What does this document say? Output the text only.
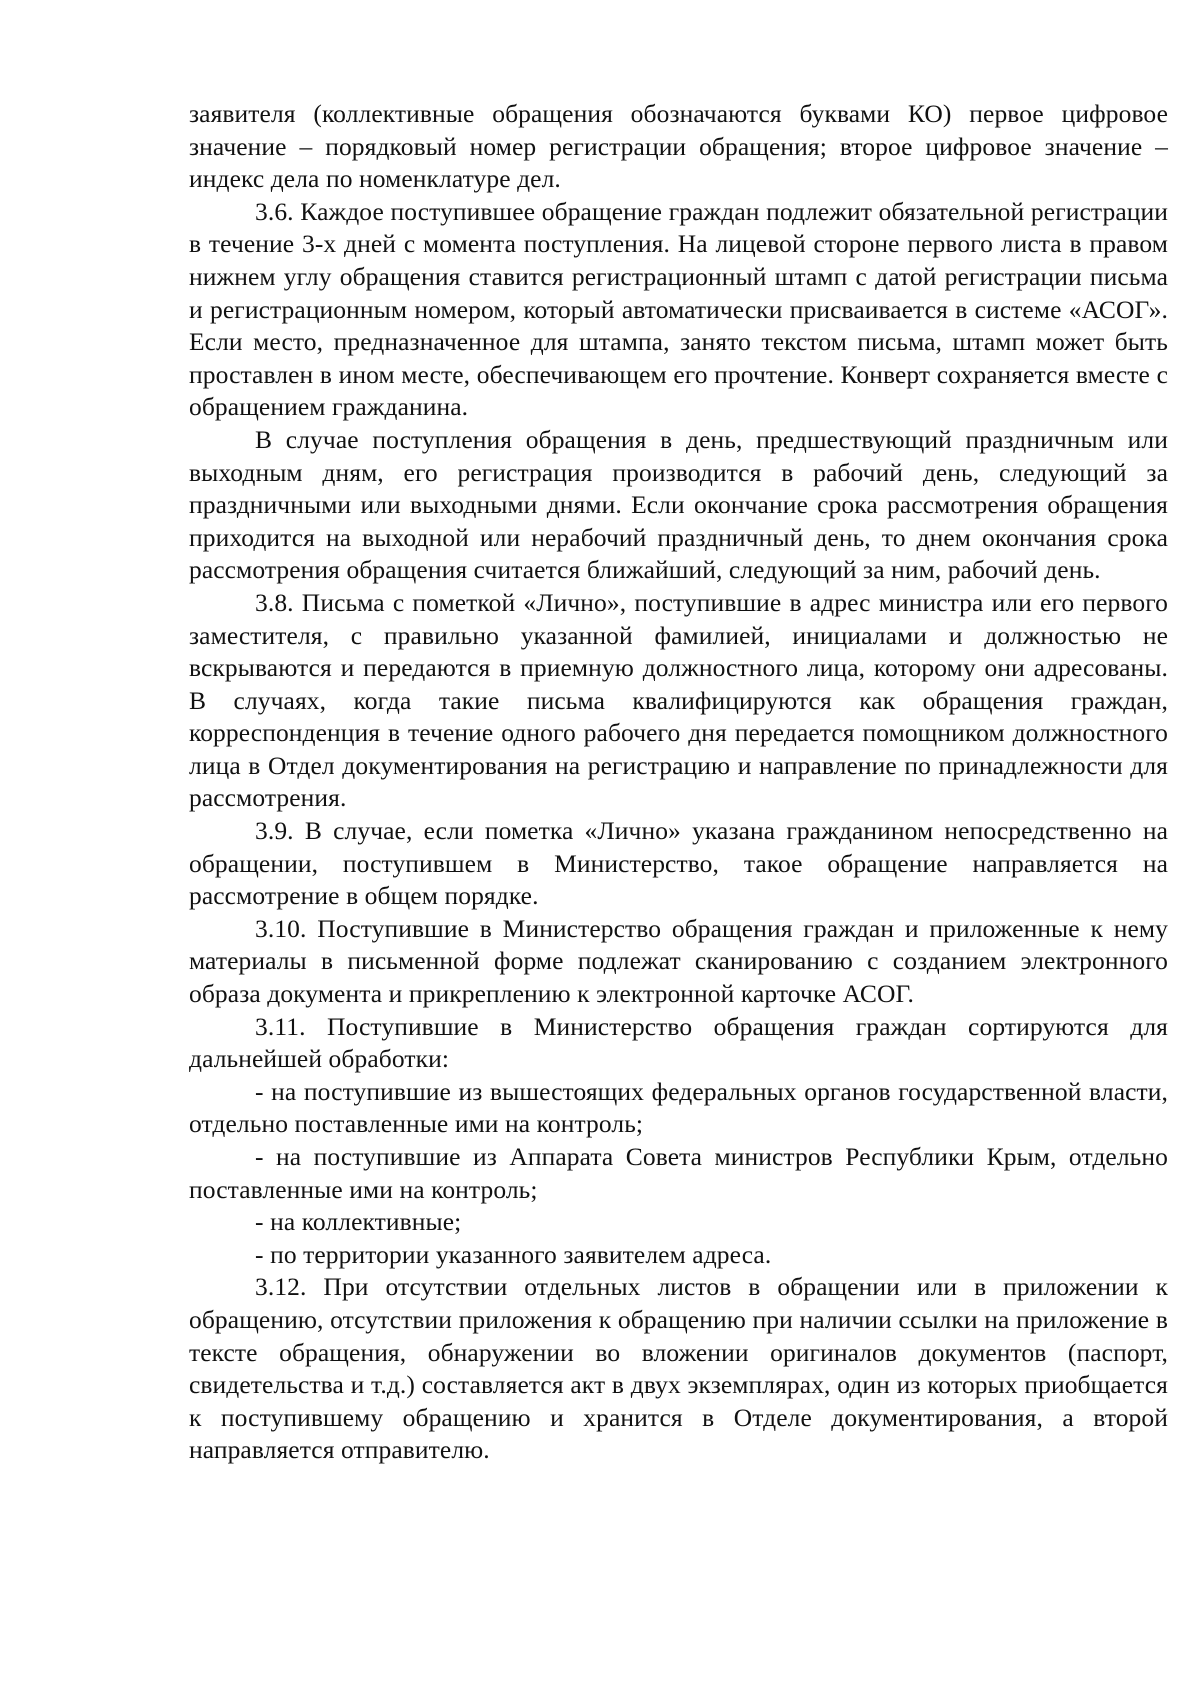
заявителя (коллективные обращения обозначаются буквами КО) первое цифровое значение – порядковый номер регистрации обращения; второе цифровое значение – индекс дела по номенклатуре дел.

3.6. Каждое поступившее обращение граждан подлежит обязательной регистрации в течение 3-х дней с момента поступления. На лицевой стороне первого листа в правом нижнем углу обращения ставится регистрационный штамп с датой регистрации письма и регистрационным номером, который автоматически присваивается в системе «АСОГ». Если место, предназначенное для штампа, занято текстом письма, штамп может быть проставлен в ином месте, обеспечивающем его прочтение. Конверт сохраняется вместе с обращением гражданина.

В случае поступления обращения в день, предшествующий праздничным или выходным дням, его регистрация производится в рабочий день, следующий за праздничными или выходными днями. Если окончание срока рассмотрения обращения приходится на выходной или нерабочий праздничный день, то днем окончания срока рассмотрения обращения считается ближайший, следующий за ним, рабочий день.

3.8. Письма с пометкой «Лично», поступившие в адрес министра или его первого заместителя, с правильно указанной фамилией, инициалами и должностью не вскрываются и передаются в приемную должностного лица, которому они адресованы. В случаях, когда такие письма квалифицируются как обращения граждан, корреспонденция в течение одного рабочего дня передается помощником должностного лица в Отдел документирования на регистрацию и направление по принадлежности для рассмотрения.

3.9. В случае, если пометка «Лично» указана гражданином непосредственно на обращении, поступившем в Министерство, такое обращение направляется на рассмотрение в общем порядке.

3.10. Поступившие в Министерство обращения граждан и приложенные к нему материалы в письменной форме подлежат сканированию с созданием электронного образа документа и прикреплению к электронной карточке АСОГ.

3.11. Поступившие в Министерство обращения граждан сортируются для дальнейшей обработки:

- на поступившие из вышестоящих федеральных органов государственной власти, отдельно поставленные ими на контроль;

- на поступившие из Аппарата Совета министров Республики Крым, отдельно поставленные ими на контроль;

- на коллективные;

- по территории указанного заявителем адреса.

3.12. При отсутствии отдельных листов в обращении или в приложении к обращению, отсутствии приложения к обращению при наличии ссылки на приложение в тексте обращения, обнаружении во вложении оригиналов документов (паспорт, свидетельства и т.д.) составляется акт в двух экземплярах, один из которых приобщается к поступившему обращению и хранится в Отделе документирования, а второй направляется отправителю.
